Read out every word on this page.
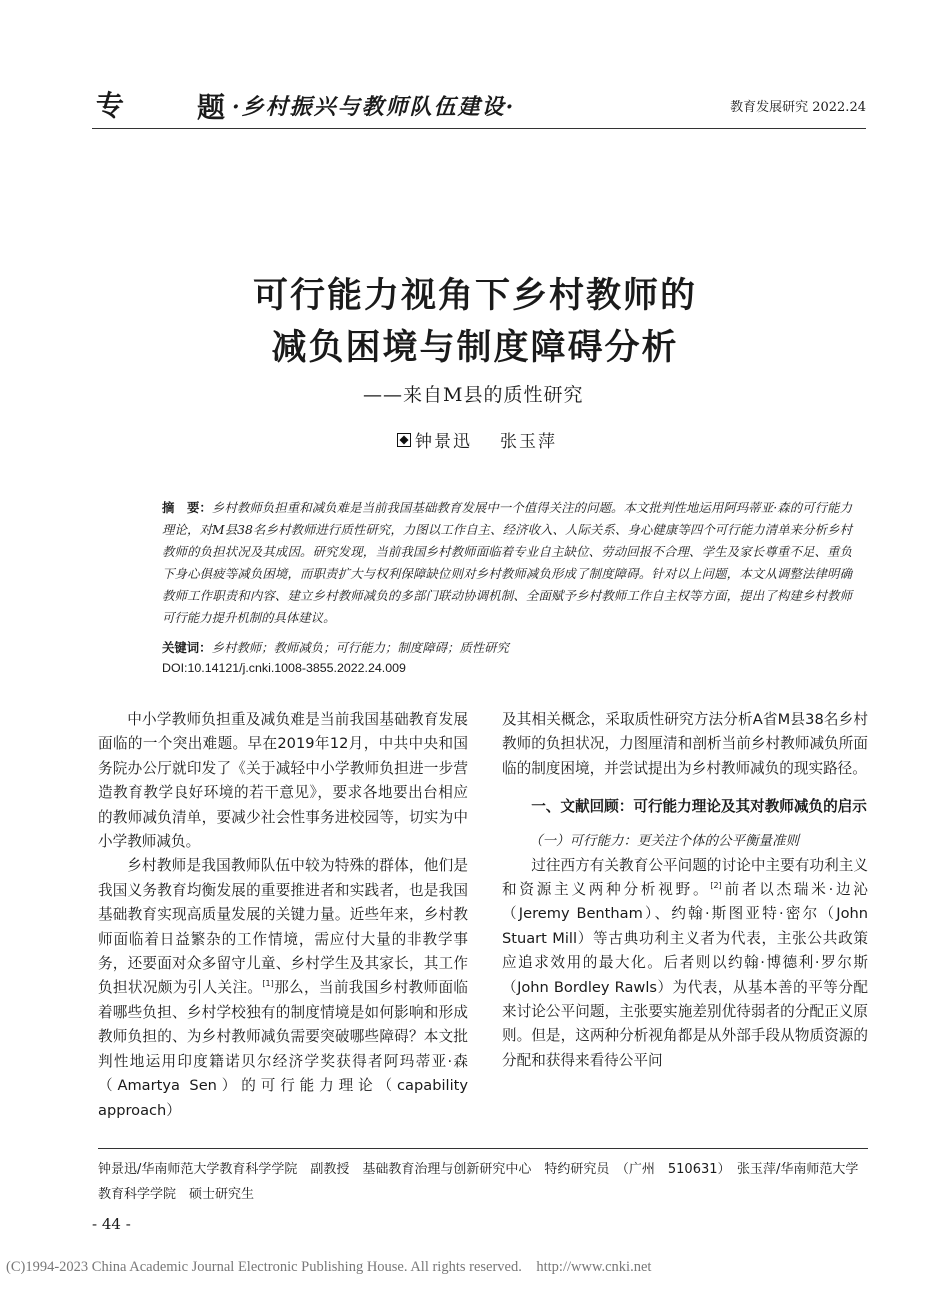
专	题 ·乡村振兴与教师队伍建设·	教育发展研究 2022.24
可行能力视角下乡村教师的
减负困境与制度障碍分析
——来自M县的质性研究
钟景迅 张玉萍
摘　要：乡村教师负担重和减负难是当前我国基础教育发展中一个值得关注的问题。本文批判性地运用阿玛蒂亚·森的可行能力理论，对M县38名乡村教师进行质性研究，力图以工作自主、经济收入、人际关系、身心健康等四个可行能力清单来分析乡村教师的负担状况及其成因。研究发现，当前我国乡村教师面临着专业自主缺位、劳动回报不合理、学生及家长尊重不足、重负下身心俱疲等减负困境，而职责扩大与权利保障缺位则对乡村教师减负形成了制度障碍。针对以上问题，本文从调整法律明确教师工作职责和内容、建立乡村教师减负的多部门联动协调机制、全面赋予乡村教师工作自主权等方面，提出了构建乡村教师可行能力提升机制的具体建议。
关键词：乡村教师；教师减负；可行能力；制度障碍；质性研究
DOI:10.14121/j.cnki.1008-3855.2022.24.009

中小学教师负担重及减负难是当前我国基础教育发展面临的一个突出难题。早在2019年12月，中共中央和国务院办公厅就印发了《关于减轻中小学教师负担进一步营造教育教学良好环境的若干意见》，要求各地要出台相应的教师减负清单，要减少社会性事务进校园等，切实为中小学教师减负。

乡村教师是我国教师队伍中较为特殊的群体，他们是我国义务教育均衡发展的重要推进者和实践者，也是我国基础教育实现高质量发展的关键力量。近些年来，乡村教师面临着日益繁杂的工作情境，需应付大量的非教学事务，还要面对众多留守儿童、乡村学生及其家长，其工作负担状况颇为引人关注。[1]那么，当前我国乡村教师面临着哪些负担、乡村学校独有的制度情境是如何影响和形成教师负担的、为乡村教师减负需要突破哪些障碍？本文批判性地运用印度籍诺贝尔经济学奖获得者阿玛蒂亚·森（Amartya Sen）的可行能力理论（capability approach）

及其相关概念，采取质性研究方法分析A省M县38名乡村教师的负担状况，力图厘清和剖析当前乡村教师减负所面临的制度困境，并尝试提出为乡村教师减负的现实路径。

一、文献回顾：可行能力理论及其对教师减负的启示
（一）可行能力：更关注个体的公平衡量准则

过往西方有关教育公平问题的讨论中主要有功利主义和资源主义两种分析视野。[2]前者以杰瑞米·边沁（Jeremy Bentham）、约翰·斯图亚特·密尔（John Stuart Mill）等古典功利主义者为代表，主张公共政策应追求效用的最大化。后者则以约翰·博德利·罗尔斯（John Bordley Rawls）为代表，从基本善的平等分配来讨论公平问题，主张要实施差别优待弱者的分配正义原则。但是，这两种分析视角都是从外部手段从物质资源的分配和获得来看待公平问

钟景迅/华南师范大学教育科学学院　副教授　基础教育治理与创新研究中心　特约研究员　（广州　510631）　张玉萍/华南师范大学教育科学学院　硕士研究生
- 44 -
(C)1994-2023 China Academic Journal Electronic Publishing House. All rights reserved.　http://www.cnki.net
